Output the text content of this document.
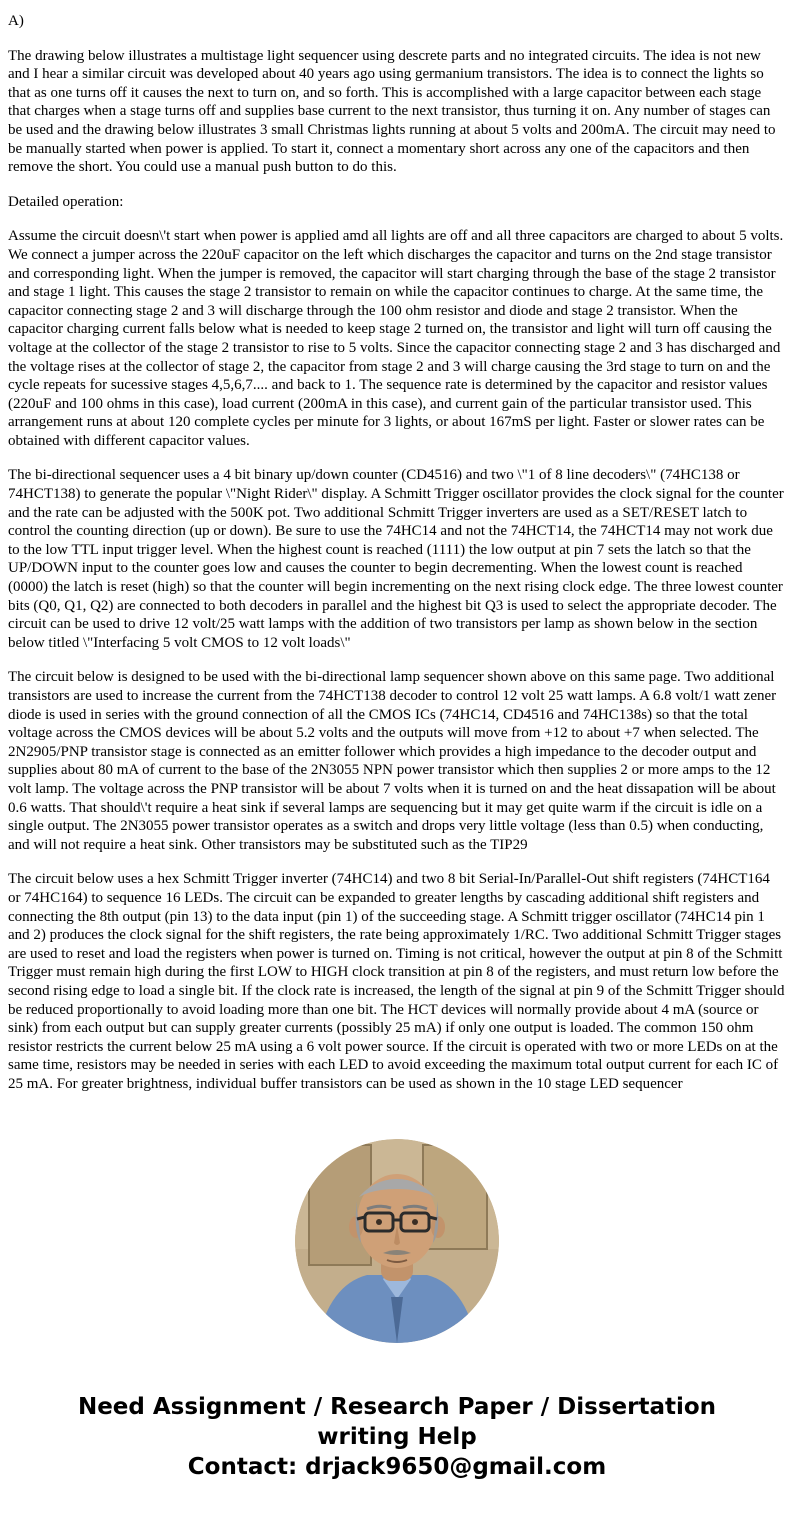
A)

The drawing below illustrates a multistage light sequencer using descrete parts and no integrated circuits. The idea is not new and I hear a similar circuit was developed about 40 years ago using germanium transistors. The idea is to connect the lights so that as one turns off it causes the next to turn on, and so forth. This is accomplished with a large capacitor between each stage that charges when a stage turns off and supplies base current to the next transistor, thus turning it on. Any number of stages can be used and the drawing below illustrates 3 small Christmas lights running at about 5 volts and 200mA. The circuit may need to be manually started when power is applied. To start it, connect a momentary short across any one of the capacitors and then remove the short. You could use a manual push button to do this.

Detailed operation:

Assume the circuit doesn\'t start when power is applied amd all lights are off and all three capacitors are charged to about 5 volts. We connect a jumper across the 220uF capacitor on the left which discharges the capacitor and turns on the 2nd stage transistor and corresponding light. When the jumper is removed, the capacitor will start charging through the base of the stage 2 transistor and stage 1 light. This causes the stage 2 transistor to remain on while the capacitor continues to charge. At the same time, the capacitor connecting stage 2 and 3 will discharge through the 100 ohm resistor and diode and stage 2 transistor. When the capacitor charging current falls below what is needed to keep stage 2 turned on, the transistor and light will turn off causing the voltage at the collector of the stage 2 transistor to rise to 5 volts. Since the capacitor connecting stage 2 and 3 has discharged and the voltage rises at the collector of stage 2, the capacitor from stage 2 and 3 will charge causing the 3rd stage to turn on and the cycle repeats for sucessive stages 4,5,6,7.... and back to 1. The sequence rate is determined by the capacitor and resistor values (220uF and 100 ohms in this case), load current (200mA in this case), and current gain of the particular transistor used. This arrangement runs at about 120 complete cycles per minute for 3 lights, or about 167mS per light. Faster or slower rates can be obtained with different capacitor values.

The bi-directional sequencer uses a 4 bit binary up/down counter (CD4516) and two \"1 of 8 line decoders\" (74HC138 or 74HCT138) to generate the popular \"Night Rider\" display. A Schmitt Trigger oscillator provides the clock signal for the counter and the rate can be adjusted with the 500K pot. Two additional Schmitt Trigger inverters are used as a SET/RESET latch to control the counting direction (up or down). Be sure to use the 74HC14 and not the 74HCT14, the 74HCT14 may not work due to the low TTL input trigger level. When the highest count is reached (1111) the low output at pin 7 sets the latch so that the UP/DOWN input to the counter goes low and causes the counter to begin decrementing. When the lowest count is reached (0000) the latch is reset (high) so that the counter will begin incrementing on the next rising clock edge. The three lowest counter bits (Q0, Q1, Q2) are connected to both decoders in parallel and the highest bit Q3 is used to select the appropriate decoder. The circuit can be used to drive 12 volt/25 watt lamps with the addition of two transistors per lamp as shown below in the section below titled \"Interfacing 5 volt CMOS to 12 volt loads\"

The circuit below is designed to be used with the bi-directional lamp sequencer shown above on this same page. Two additional transistors are used to increase the current from the 74HCT138 decoder to control 12 volt 25 watt lamps. A 6.8 volt/1 watt zener diode is used in series with the ground connection of all the CMOS ICs (74HC14, CD4516 and 74HC138s) so that the total voltage across the CMOS devices will be about 5.2 volts and the outputs will move from +12 to about +7 when selected. The 2N2905/PNP transistor stage is connected as an emitter follower which provides a high impedance to the decoder output and supplies about 80 mA of current to the base of the 2N3055 NPN power transistor which then supplies 2 or more amps to the 12 volt lamp. The voltage across the PNP transistor will be about 7 volts when it is turned on and the heat dissapation will be about 0.6 watts. That should\'t require a heat sink if several lamps are sequencing but it may get quite warm if the circuit is idle on a single output. The 2N3055 power transistor operates as a switch and drops very little voltage (less than 0.5) when conducting, and will not require a heat sink. Other transistors may be substituted such as the TIP29

The circuit below uses a hex Schmitt Trigger inverter (74HC14) and two 8 bit Serial-In/Parallel-Out shift registers (74HCT164 or 74HC164) to sequence 16 LEDs. The circuit can be expanded to greater lengths by cascading additional shift registers and connecting the 8th output (pin 13) to the data input (pin 1) of the succeeding stage. A Schmitt trigger oscillator (74HC14 pin 1 and 2) produces the clock signal for the shift registers, the rate being approximately 1/RC. Two additional Schmitt Trigger stages are used to reset and load the registers when power is turned on. Timing is not critical, however the output at pin 8 of the Schmitt Trigger must remain high during the first LOW to HIGH clock transition at pin 8 of the registers, and must return low before the second rising edge to load a single bit. If the clock rate is increased, the length of the signal at pin 9 of the Schmitt Trigger should be reduced proportionally to avoid loading more than one bit. The HCT devices will normally provide about 4 mA (source or sink) from each output but can supply greater currents (possibly 25 mA) if only one output is loaded. The common 150 ohm resistor restricts the current below 25 mA using a 6 volt power source. If the circuit is operated with two or more LEDs on at the same time, resistors may be needed in series with each LED to avoid exceeding the maximum total output current for each IC of 25 mA. For greater brightness, individual buffer transistors can be used as shown in the 10 stage LED sequencer

Need Assignment / Research Paper / Dissertation writing Help
Contact: drjack9650@gmail.com
